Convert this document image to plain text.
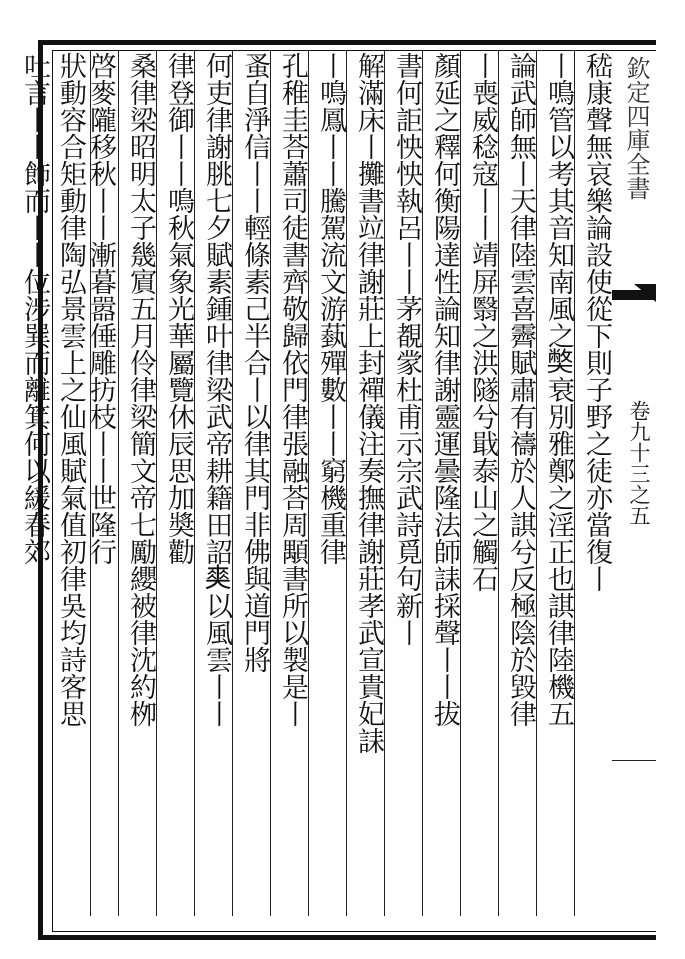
嵇康聲無哀樂論設使從下則子野之徒亦當復丨
丨鳴管以考其音知南風之𡚁衰別雅鄭之淫正也諆律陸機五
論武師無丨天律陸雲喜霽賦肅有禱於人諆兮反極陰於毀律
丨喪威稔寇丨丨靖屏翳之洪隧兮戢泰山之觸石
顏延之釋何衡陽達性論知律謝靈運曇隆法師誄採聲丨丨拔
書何詎怏怏執呂丨丨茅覩䝉杜甫示宗武詩覓句新丨
解滿床丨攤書竝律謝莊上封禪儀注奏撫律謝莊孝武宣貴妃誄
丨鳴鳳丨丨騰駕流文游蓺殫數丨丨窮機重律
孔稚圭荅蕭司徒書齊敬歸依門律張融荅周顒書所以製是丨
蚤自淨信丨丨輕條素己半合丨以律其門非佛與道門將
何吏律謝朓七夕賦素鍾叶律梁武帝耕籍田詔𠁊以風雲丨丨
律登御丨丨鳴秋氣象光華屬覽休辰思加奬勸
桑律梁昭明太子㡬賔五月伶律梁簡文帝七勵纓被律沈約栁
啓麥隴移秋丨丨漸暮嚣倕雕㧍枝丨丨世隆行
狀動容合矩動律陶弘景雲上之仙風賦氣值初律吳均詩客思
吐言丨丨飾而丨丨位涉巽而離箕何以緩春郊	欽定四庫全書
卷九十三之五
